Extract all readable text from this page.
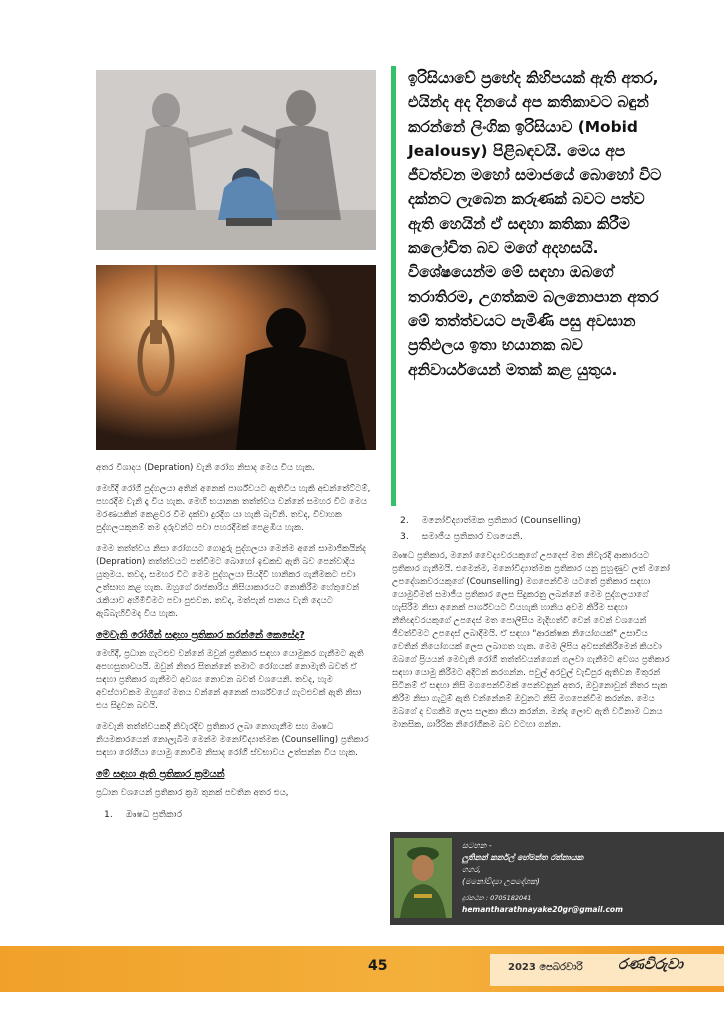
ඉරිසියාවේ ප්‍රභේද කිහිපයක් ඇති අතර, එයින්ද අද දිනයේ අප කතිකාවට බඳුන් කරන්නේ ලිංගික ඉරිසියාව (Mobid Jealousy) පිළිබඳවයි. මෙය අප ජීවත්වන මහෝ සමාජයේ බොහෝ විට දක්නට ලැබෙන කරුණක් බවට පත්ව ඇති හෙයින් ඒ සඳහා කතිකා කිරීම කලෝචිත බව මගේ අදහසයි. විශේෂයෙන්ම මේ සඳහා ඔබගේ තරාතිරම, උගත්කම බලනොපාන අතර මේ තත්ත්වයට පැමිණි පසු අවසාන ප්‍රතිඵලය ඉතා භයානක බව අනිවාර්යයෙන් මතක් කළ යුතුය.

අතර විශාදය (Depration) වැනි රෝග නිසාද මෙය විය හැක.

මෙහිදී රෝගී පුද්ගලයා අතින් අනෙක් පාර්ශ්වයට ඇතිවිය හැකි අඩන්තේට්ටම්, පහරදීම වැනි දෑ විය හැක. මෙහි භයානක තත්ත්වය වන්නේ සමහර විට මෙය මරණයකින් කෙළවර විම දක්වා දුරදිග යා හැකි බැවිනි. තවද, විවාහක පුද්ගලයකුනම් තම දරුවන්ට පවා පහරදීමක් පෙළඹිය හැක.

මෙම තත්ත්වය නිසා රෝගයට ගොදුරු පුද්ගලයා මෙන්ම අනේ සාමාජිකයින්ද (Depration) තත්ත්වයට පත්වීමට බොහෝ ඉඩකඩ ඇති බව පෙන්වාදිය යුතුමය. තවද, සමහර විට මෙම පුද්ගලයා සියදිවි හානිකර ගැනීමකට පවා උත්සාහ කළ හැක. ඔහුගේ රාජකාරිය නිසියාකාරයට නොකිරීම හේතුවෙන් රැකියාව අහිමිවීමට පවා පුළුවන. තවද, මත්පැන් පානය වැනි දෙයට ඇබ්බැහිවීමද විය හැක.

මෙවැනි රෝගීන් සඳහා ප්‍රතිකාර කරන්නේ කෙසේද?

මෙහිදී, ප්‍රධාන ගැටළුව වන්නේ ඔවුන් ප්‍රතිකාර සඳහා යොමුකර ගැනීමට ඇති අපහසුතාවයයි. ඔවුන් නිතර සිතන්නේ තමාට රෝගයක් නොමැති බවත් ඒ සඳහා ප්‍රතිකාර ගැනීමට අවශ්‍ය නොවන බවත් වශයෙනි. තවද, හැම අවස්ථාවකම ඔහුගේ මතය වන්නේ අනෙක් පාර්ශ්වයේ ගැටළුවක් ඇති නිසා එය සිදුවන බවයි.

මෙවැනි තත්ත්වයකදී නිවැරදිව ප්‍රතිකාර ලබා නොගැනීම සහ ඖෂධ නියමකාරයෙන් නොලැබීම මෙන්ම මනෝවිද්‍යාත්මක (Counselling) ප්‍රතිකාර සඳහා රෝගියා යොමු නොවීම නිසාද රෝගී ස්වභාවය උත්සන්න විය හැක.

මේ සඳහා ඇති ප්‍රතිකාර ක්‍රමයන්

ප්‍රධාන වශයෙන් ප්‍රතිකාර ක්‍රම තුනක් පවතින අතර එය,

1. ඖෂධ ප්‍රතිකාර
2. මනෝවිද්‍යාත්මක ප්‍රතිකාර (Counselling)
3. සමාජීය ප්‍රතිකාර වශයෙනි.

ඖෂධ ප්‍රතිකාර, මනෝ වෛද්‍යවරයකුගේ උපදෙස් මත නිවැරදි ආකාරයට ප්‍රතිකාර ගැනීමයි. එමෙන්ම, මනෝවිද්‍යාත්මක ප්‍රතිකාර යනු පුහුණුව ලත් මනෝ උපදේශකවරයකුගේ (Counselling) මගපෙන්වීම යටතේ ප්‍රතිකාර සඳහා යොමුවීමත් සමාජීය ප්‍රතිකාර ලෙස සිදුකරනු ලබන්නේ මෙම පුද්ගලයාගේ හැසිරීම නිසා අනෙක් පාර්ශ්වයට වියහැකි හානිය අවම කිරීම සඳහා නීතිඥවරයකුගේ උපදෙස් මත පොලීසිය මැදිහත්වී වෙන් වෙන් වශයෙන් ජීවත්වීමට උපදෙස් ලබාදීමයි. ඒ සඳහා "ආරක්ෂක නියෝගයක්" උසාවිය වෙතින් නියෝගයක් ලෙස ලබාගත හැක. මෙම ලිපිය අවසන්කිරීමෙන් කියවා ඔබගේ ප්‍රියයන් මෙවැනි රෝගී තත්ත්වයන්ගෙන් ගලවා ගැනීමට අවශ්‍ය ප්‍රතිකාර සඳහා යොමු කිරීමට අදිටන් කරගන්න. පවුල් අරවුල් වැඩිපුර ඇතිවන මිතුරන් සිටිනම් ඒ සඳහා නිසි මගපෙන්වීමක් පෙන්වනුන් අතර, ඔවුනොවුන් නිතර සැක කිරීම නිසා ගැටුම් ඇති වන්නේනම් ඔවුනට නිසි මගපෙන්වීම කරන්න. මෙය ඔබගේ ද වගකීම ලෙස සලකා කියා කරන්න. මන්ද ලොව ඇති වටිනාම ධනය මානසික, ශාරීරික නිරෝගීකම බව වටහා ගන්න.

සටහන -
ලුතිනන් කර්නල් හේමන්ත රත්නායක
ගගර,
(මනෝවිද්‍යා උපදේශක)
දුරකථන : 0705182041
hemantharathnayake20gr@gmail.com
45	2023 පෙබරවාරි රණවිරුවා
